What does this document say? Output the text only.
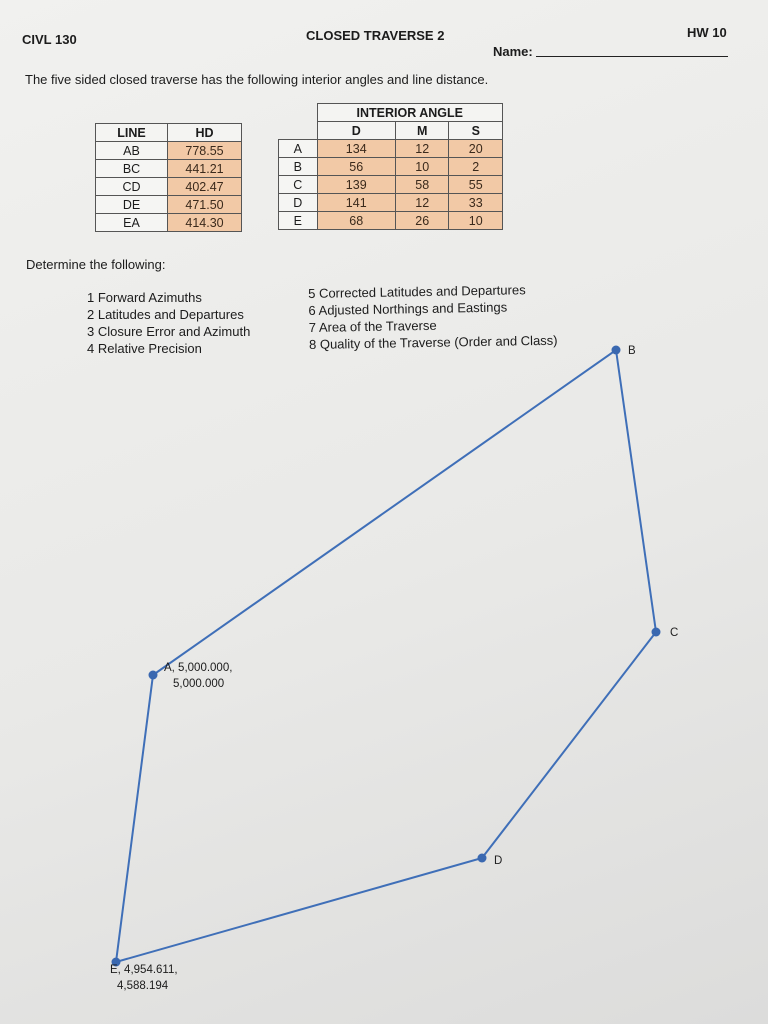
CIVL 130	CLOSED TRAVERSE 2	HW 10
Name:
The five sided closed traverse has the following interior angles and line distance.
LINE	HD
AB	778.55
BC	441.21
CD	402.47
DE	471.50
EA	414.30
	INTERIOR ANGLE		
	D	M	S
A	134	12	20
B	56	10	2
C	139	58	55
D	141	12	33
E	68	26	10
Determine the following:
1 Forward Azimuths
2 Latitudes and Departures
3 Closure Error and Azimuth
4 Relative Precision
5 Corrected Latitudes and Departures
6 Adjusted Northings and Eastings
7 Area of the Traverse
8 Quality of the Traverse (Order and Class)	B
C
D
A, 5,000.000,
5,000.000
E, 4,954.611,
4,588.194
